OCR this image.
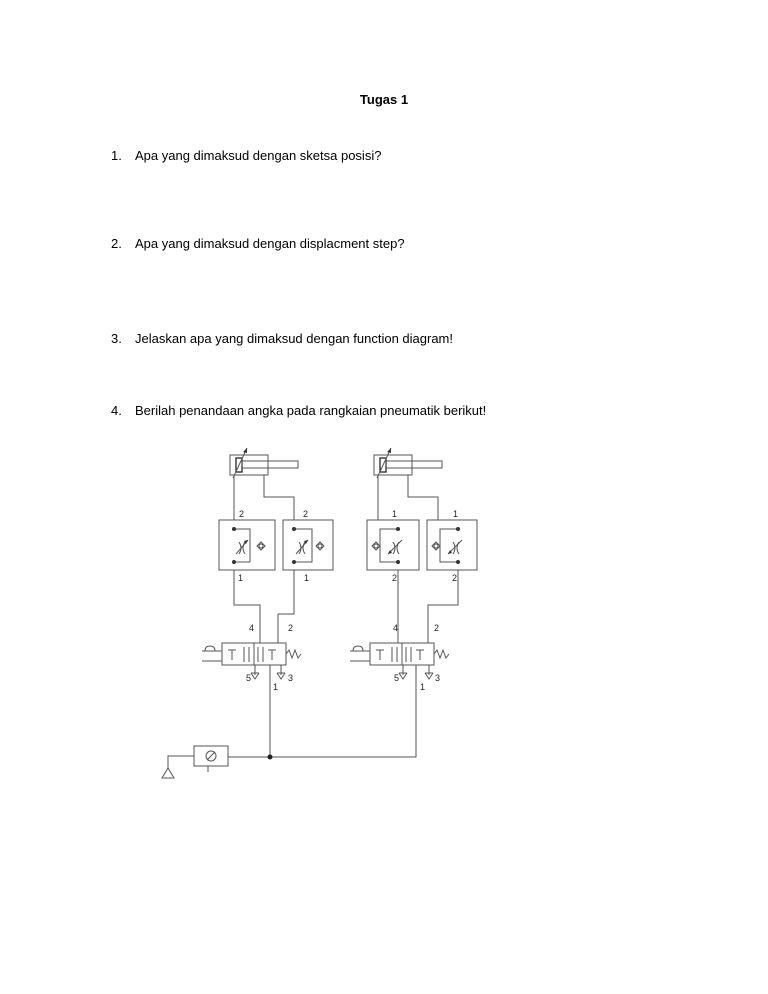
Tugas 1
1. Apa yang dimaksud dengan sketsa posisi?
2. Apa yang dimaksud dengan displacment step?
3. Jelaskan apa yang dimaksud dengan function diagram!
4. Berilah penandaan angka pada rangkaian pneumatik berikut!
2
1
2
1
4	2
5	3
1
1
2
1
2
4	2
5	3
1
